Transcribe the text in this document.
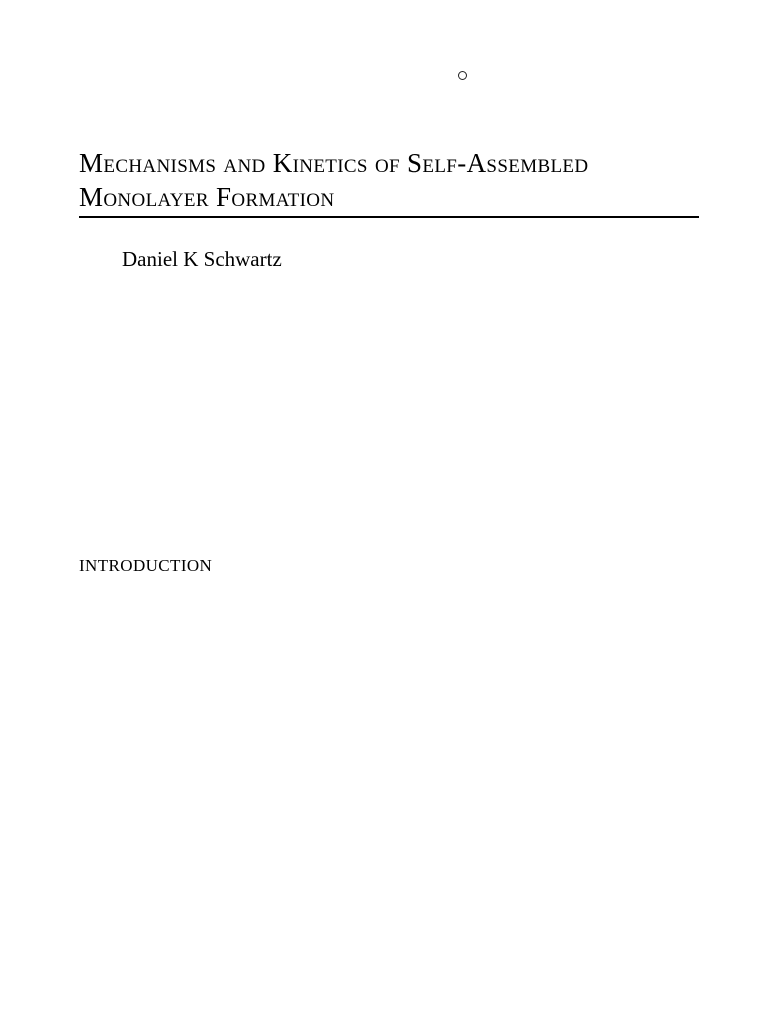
Mechanisms and Kinetics of Self-Assembled Monolayer Formation
Daniel K Schwartz
INTRODUCTION
